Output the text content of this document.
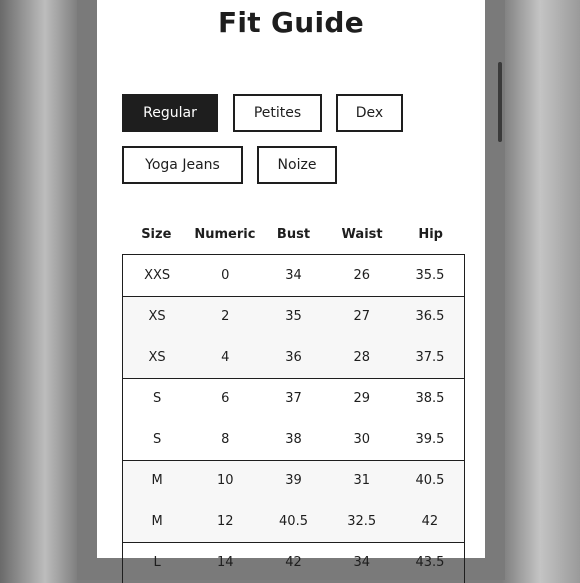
Fit Guide
Regular	Petites	Dex
Yoga Jeans	Noize
Size	Numeric	Bust	Waist	Hip
XXS	0	34	26	35.5
XS	2	35	27	36.5
XS	4	36	28	37.5
S	6	37	29	38.5
S	8	38	30	39.5
M	10	39	31	40.5
M	12	40.5	32.5	42
L	14	42	34	43.5
